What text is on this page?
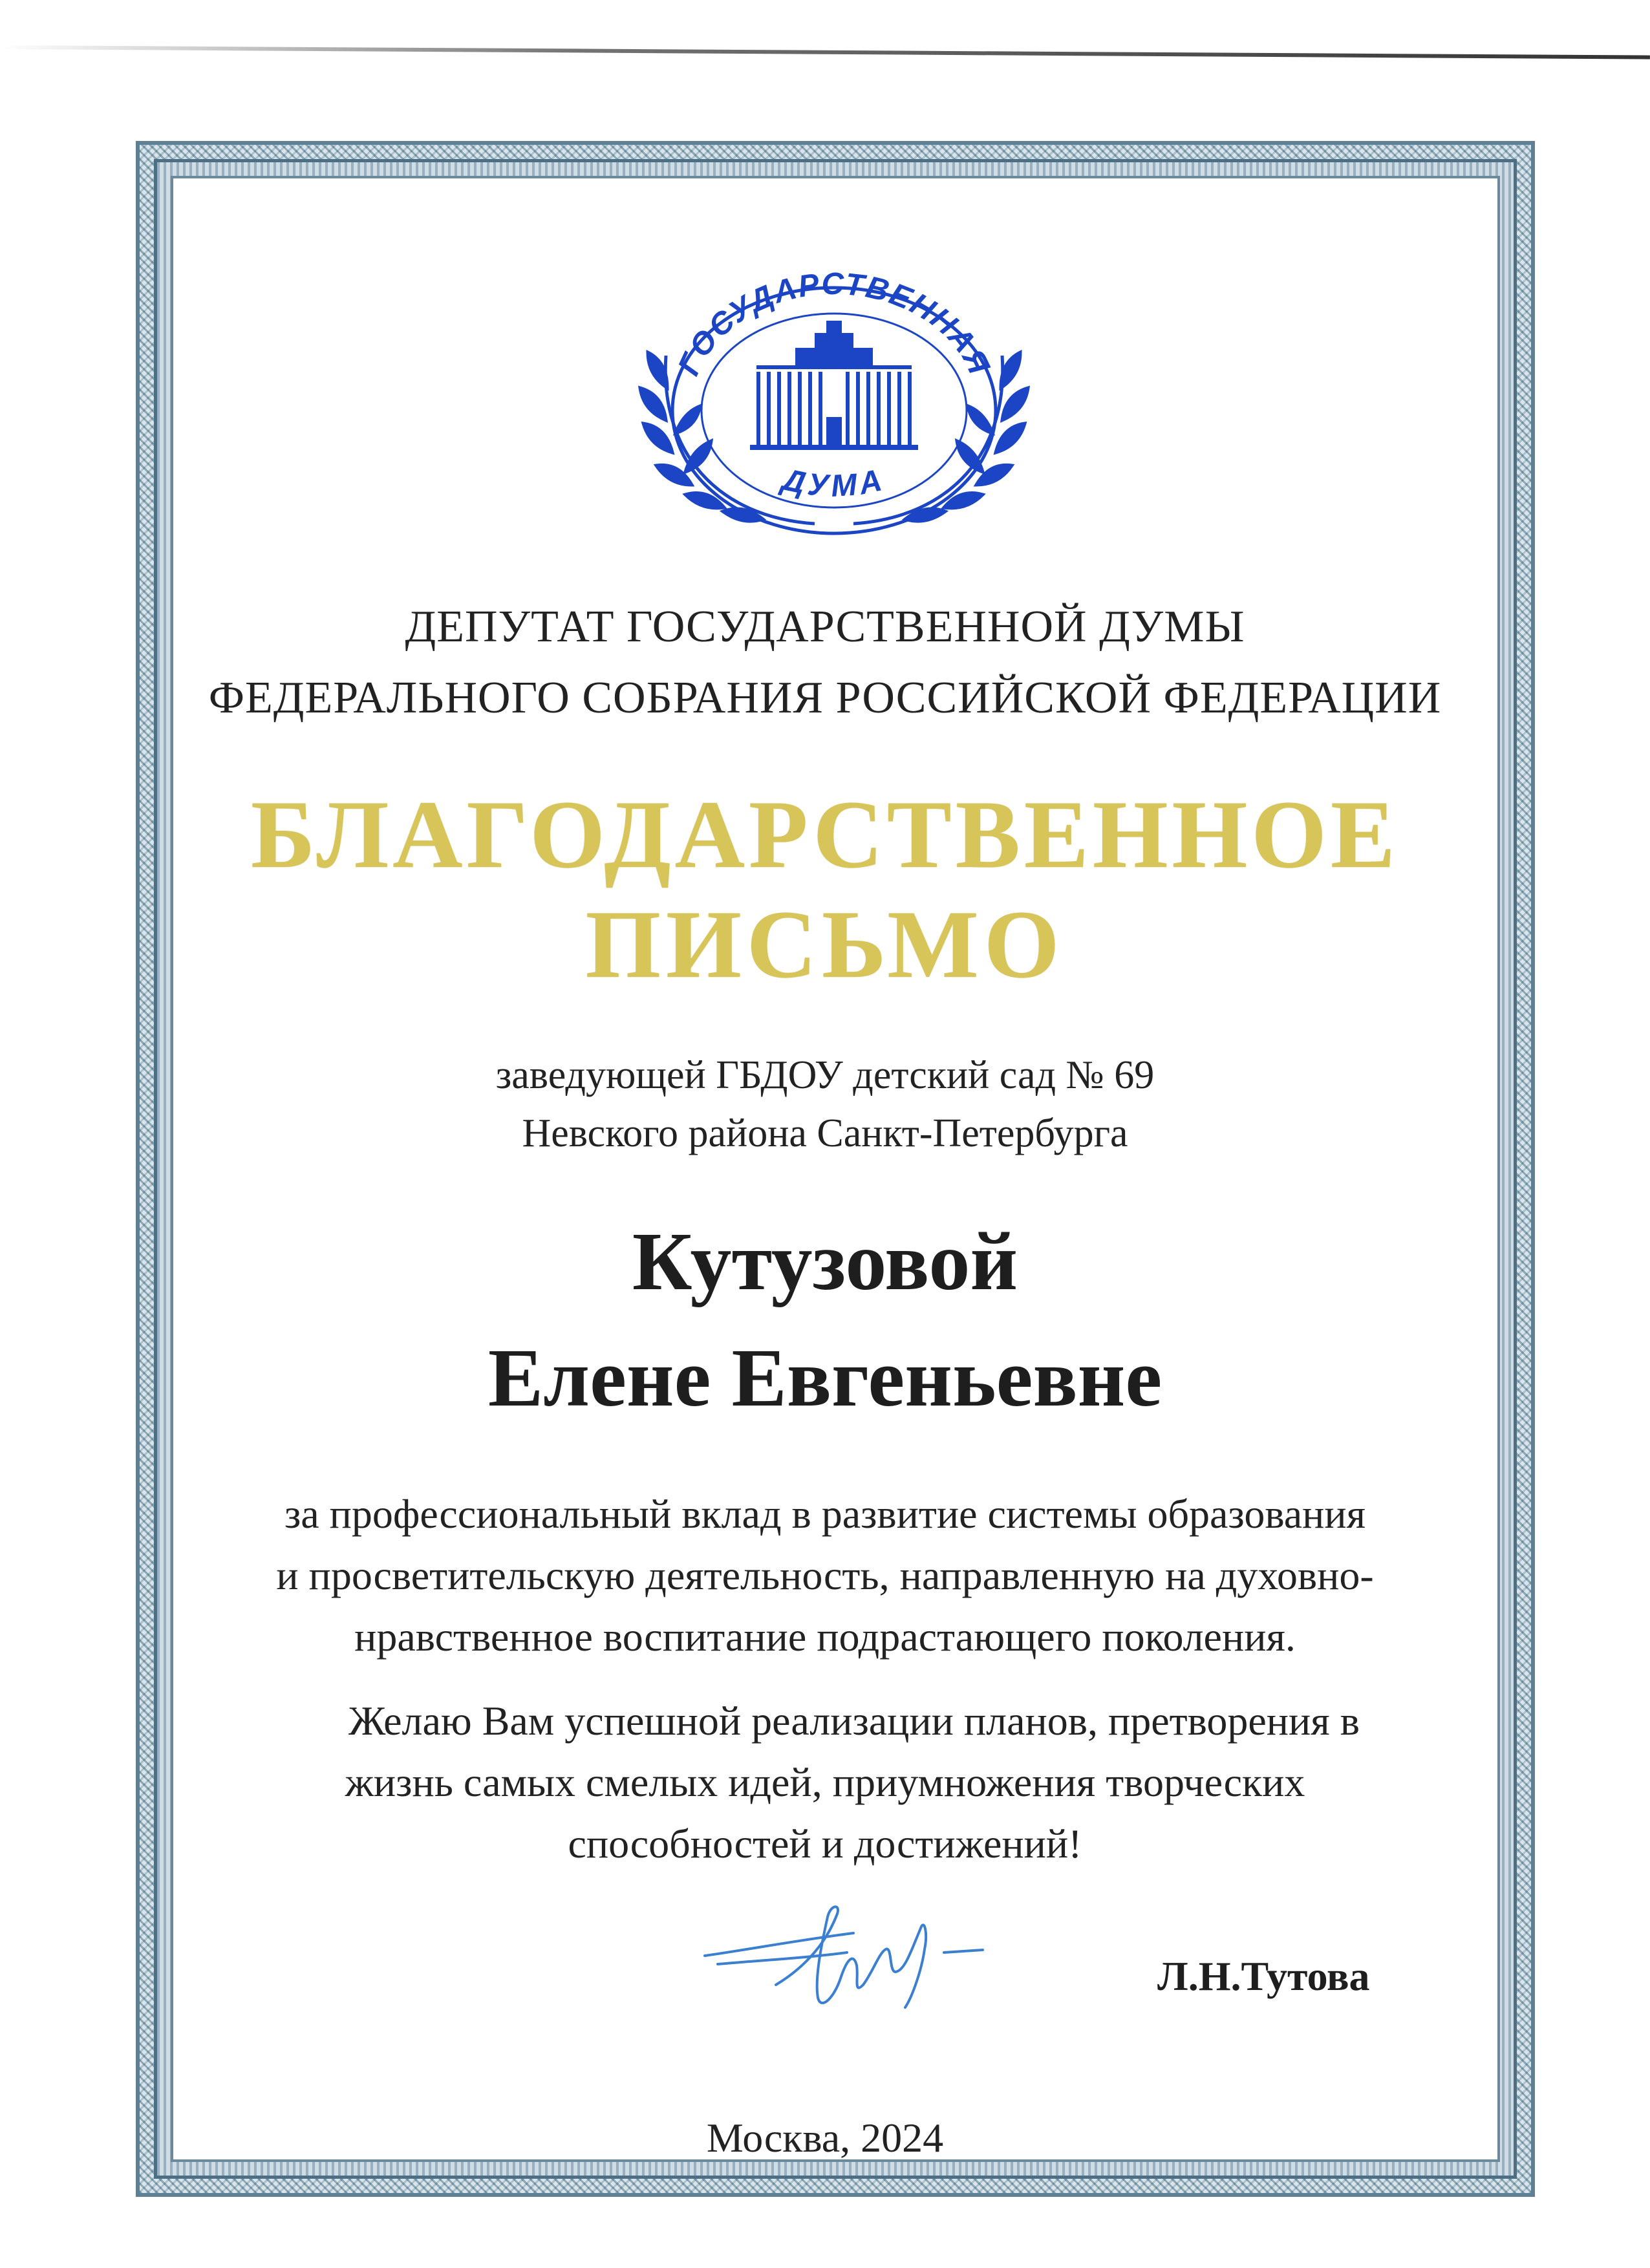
ГОСУДАРСТВЕННАЯ
ДУМА
ДЕПУТАТ ГОСУДАРСТВЕННОЙ ДУМЫ
ФЕДЕРАЛЬНОГО СОБРАНИЯ РОССИЙСКОЙ ФЕДЕРАЦИИ
БЛАГОДАРСТВЕННОЕ
ПИСЬМО
заведующей ГБДОУ детский сад № 69
Невского района Санкт-Петербурга
Кутузовой
Елене Евгеньевне
за профессиональный вклад в развитие системы образования
и просветительскую деятельность, направленную на духовно-
нравственное воспитание подрастающего поколения.
Желаю Вам успешной реализации планов, претворения в
жизнь самых смелых идей, приумножения творческих
способностей и достижений!
Л.Н.Тутова
Москва, 2024
